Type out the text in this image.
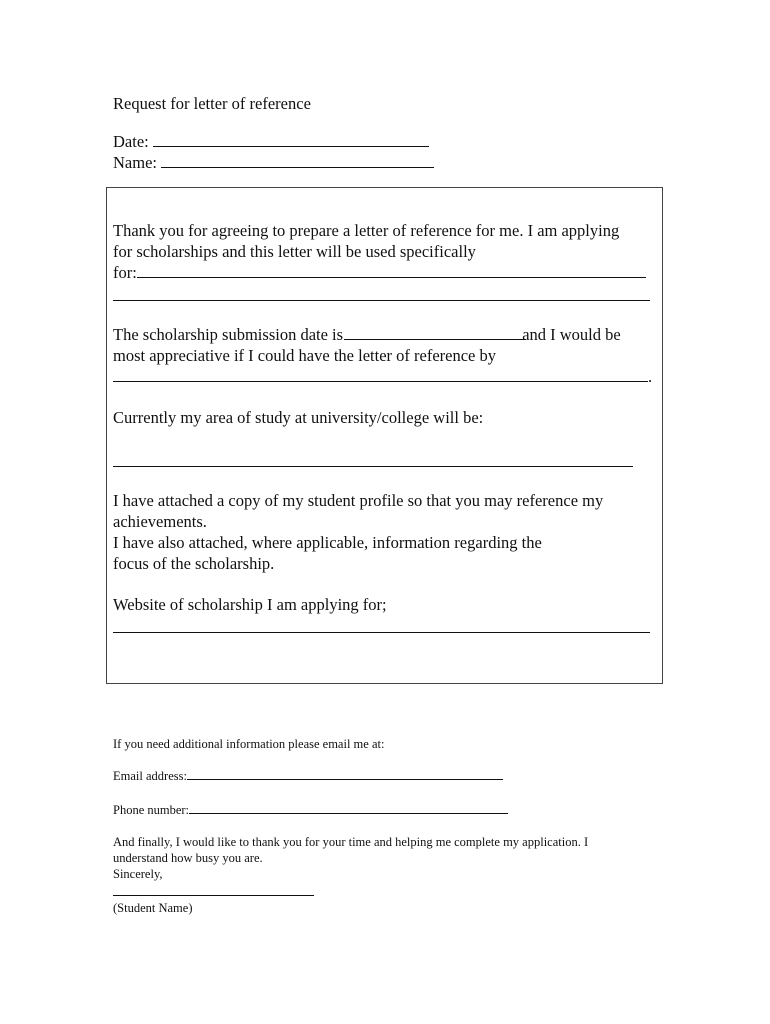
Request for letter of reference
Date:
Name:
Thank you for agreeing to prepare a letter of reference for me. I am applying
for scholarships and this letter will be used specifically
for:
The scholarship submission date is	and I would be
most appreciative if I could have the letter of reference by
.
Currently my area of study at university/college will be:
I have attached a copy of my student profile so that you may reference my
achievements.
I have also attached, where applicable, information regarding the
focus of the scholarship.
Website of scholarship I am applying for;
If you need additional information please email me at:
Email address:
Phone number:
And finally, I would like to thank you for your time and helping me complete my application. I
understand how busy you are.
Sincerely,
(Student Name)
